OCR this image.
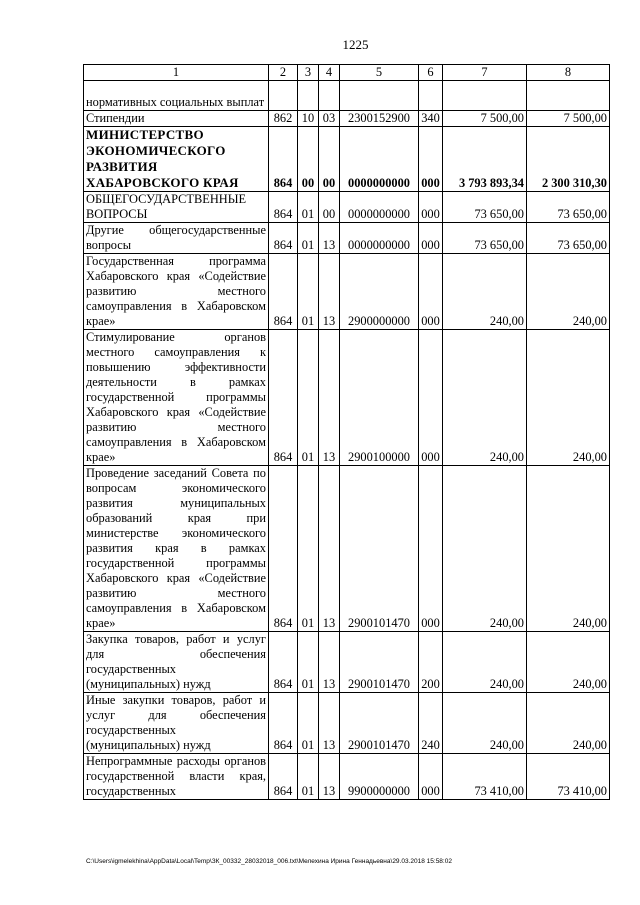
1225
1	2	3	4	5	6	7	8
нормативных социальных выплат							
Стипендии	862	10	03	2300152900	340	7 500,00	7 500,00
МИНИСТЕРСТВО ЭКОНОМИЧЕСКОГО РАЗВИТИЯ ХАБАРОВСКОГО КРАЯ	864	00	00	0000000000	000	3 793 893,34	2 300 310,30
ОБЩЕГОСУДАРСТВЕННЫЕ ВОПРОСЫ	864	01	00	0000000000	000	73 650,00	73 650,00
Другие общегосударственные вопросы	864	01	13	0000000000	000	73 650,00	73 650,00
Государственная программа Хабаровского края «Содействие развитию местного самоуправления в Хабаровском крае»	864	01	13	2900000000	000	240,00	240,00
Стимулирование органов местного самоуправления к повышению эффективности деятельности в рамках государственной программы Хабаровского края «Содействие развитию местного самоуправления в Хабаровском крае»	864	01	13	2900100000	000	240,00	240,00
Проведение заседаний Совета по вопросам экономического развития муниципальных образований края при министерстве экономического развития края в рамках государственной программы Хабаровского края «Содействие развитию местного самоуправления в Хабаровском крае»	864	01	13	2900101470	000	240,00	240,00
Закупка товаров, работ и услуг для обеспечения государственных (муниципальных) нужд	864	01	13	2900101470	200	240,00	240,00
Иные закупки товаров, работ и услуг для обеспечения государственных (муниципальных) нужд	864	01	13	2900101470	240	240,00	240,00
Непрограммные расходы органов государственной власти края, государственных	864	01	13	9900000000	000	73 410,00	73 410,00
C:\Users\igmelekhina\AppData\Local\Temp\ЗК_00332_28032018_006.txt\Мелехина Ирина Геннадьевна\29.03.2018 15:58:02
